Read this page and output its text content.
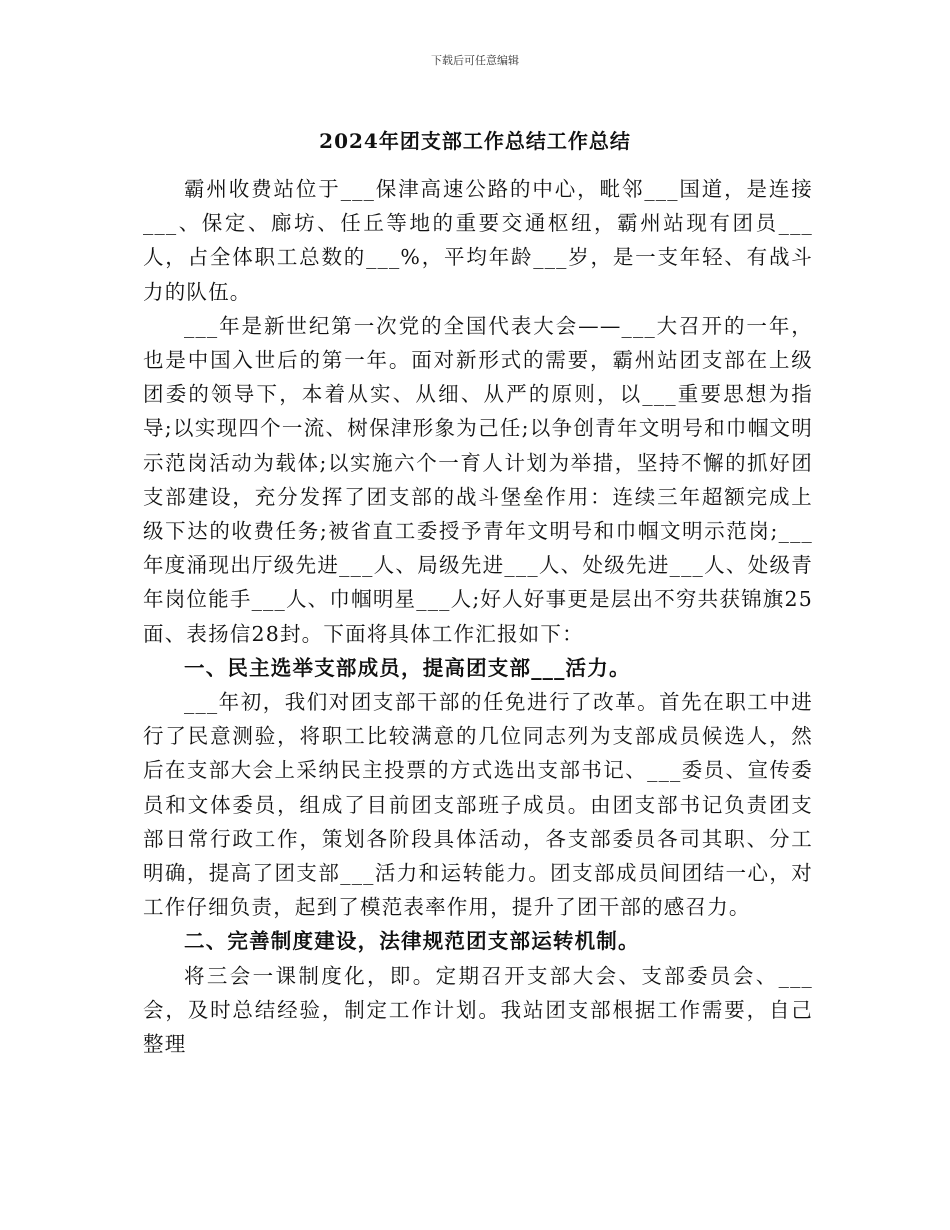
下载后可任意编辑
2024年团支部工作总结工作总结

霸州收费站位于___保津高速公路的中心，毗邻___国道，是连接___、保定、廊坊、任丘等地的重要交通枢纽，霸州站现有团员___人，占全体职工总数的___%，平均年龄___岁，是一支年轻、有战斗力的队伍。

___年是新世纪第一次党的全国代表大会——___大召开的一年，也是中国入世后的第一年。面对新形式的需要，霸州站团支部在上级团委的领导下，本着从实、从细、从严的原则，以___重要思想为指导;以实现四个一流、树保津形象为己任;以争创青年文明号和巾帼文明示范岗活动为载体;以实施六个一育人计划为举措，坚持不懈的抓好团支部建设，充分发挥了团支部的战斗堡垒作用：连续三年超额完成上级下达的收费任务;被省直工委授予青年文明号和巾帼文明示范岗;___年度涌现出厅级先进___人、局级先进___人、处级先进___人、处级青年岗位能手___人、巾帼明星___人;好人好事更是层出不穷共获锦旗25面、表扬信28封。下面将具体工作汇报如下：

一、民主选举支部成员，提高团支部___活力。

___年初，我们对团支部干部的任免进行了改革。首先在职工中进行了民意测验，将职工比较满意的几位同志列为支部成员候选人，然后在支部大会上采纳民主投票的方式选出支部书记、___委员、宣传委员和文体委员，组成了目前团支部班子成员。由团支部书记负责团支部日常行政工作，策划各阶段具体活动，各支部委员各司其职、分工明确，提高了团支部___活力和运转能力。团支部成员间团结一心，对工作仔细负责，起到了模范表率作用，提升了团干部的感召力。

二、完善制度建设，法律规范团支部运转机制。

将三会一课制度化，即。定期召开支部大会、支部委员会、___会，及时总结经验，制定工作计划。我站团支部根据工作需要，自己整理
